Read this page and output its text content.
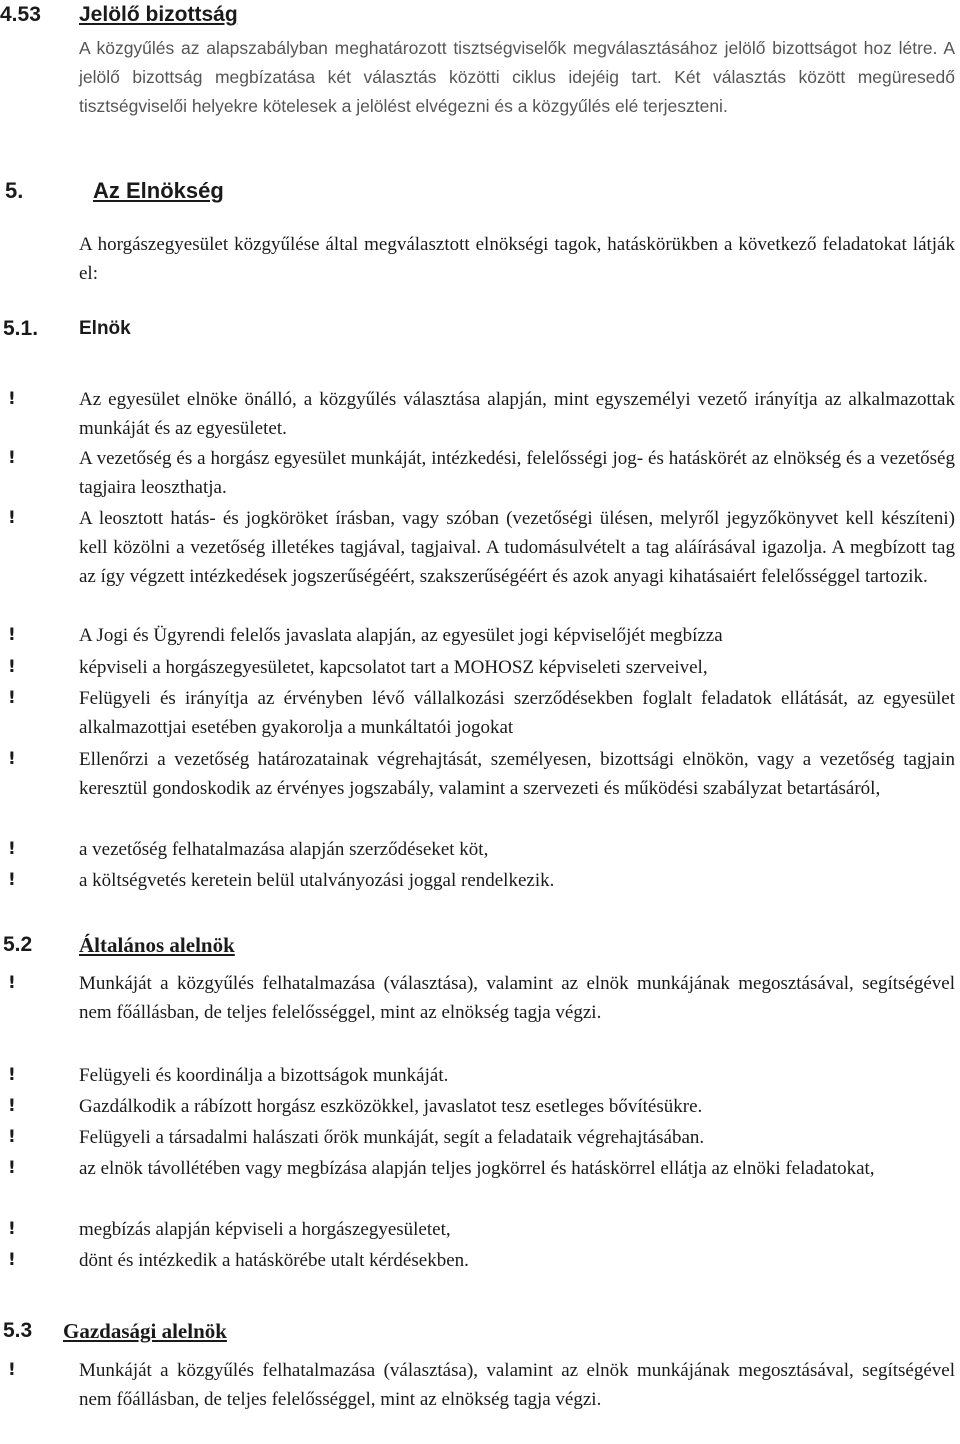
4.53 Jelölő bizottság

A közgyűlés az alapszabályban meghatározott tisztségviselők megválasztásához jelölő bizottságot hoz létre. A jelölő bizottság megbízatása két választás közötti ciklus idejéig tart. Két választás között megüresedő tisztségviselői helyekre kötelesek a jelölést elvégezni és a közgyűlés elé terjeszteni.

5.	Az Elnökség

A horgászegyesület közgyűlése által megválasztott elnökségi tagok, hatáskörükben a következő feladatokat látják el:

5.1. Elnök
!	Az egyesület elnöke önálló, a közgyűlés választása alapján, mint egyszemélyi vezető irányítja az alkalmazottak munkáját és az egyesületet.

!	A vezetőség és a horgász egyesület munkáját, intézkedési, felelősségi jog- és hatáskörét az elnökség és a vezetőség tagjaira leoszthatja.

!	A leosztott hatás- és jogköröket írásban, vagy szóban (vezetőségi ülésen, melyről jegyzőkönyvet kell készíteni) kell közölni a vezetőség illetékes tagjával, tagjaival. A tudomásulvételt a tag aláírásával igazolja. A megbízott tag az így végzett intézkedések jogszerűségéért, szakszerűségéért és azok anyagi kihatásaiért felelősséggel tartozik.

!	A Jogi és Ügyrendi felelős javaslata alapján, az egyesület jogi képviselőjét megbízza

!	képviseli a horgászegyesületet, kapcsolatot tart a MOHOSZ képviseleti szerveivel,

!	Felügyeli és irányítja az érvényben lévő vállalkozási szerződésekben foglalt feladatok ellátását, az egyesület alkalmazottjai esetében gyakorolja a munkáltatói jogokat

!	Ellenőrzi a vezetőség határozatainak végrehajtását, személyesen, bizottsági elnökön, vagy a vezetőség tagjain keresztül gondoskodik az érvényes jogszabály, valamint a szervezeti és működési szabályzat betartásáról,

!	a vezetőség felhatalmazása alapján szerződéseket köt,

!	a költségvetés keretein belül utalványozási joggal rendelkezik.

5.2 Általános alelnök
!	Munkáját a közgyűlés felhatalmazása (választása), valamint az elnök munkájának megosztásával, segítségével nem főállásban, de teljes felelősséggel, mint az elnökség tagja végzi.

!	Felügyeli és koordinálja a bizottságok munkáját.

!	Gazdálkodik a rábízott horgász eszközökkel, javaslatot tesz esetleges bővítésükre.

!	Felügyeli a társadalmi halászati őrök munkáját, segít a feladataik végrehajtásában.

!	az elnök távollétében vagy megbízása alapján teljes jogkörrel és hatáskörrel ellátja az elnöki feladatokat,

!	megbízás alapján képviseli a horgászegyesületet,

!	dönt és intézkedik a hatáskörébe utalt kérdésekben.

5.3 Gazdasági alelnök
!	Munkáját a közgyűlés felhatalmazása (választása), valamint az elnök munkájának megosztásával, segítségével nem főállásban, de teljes felelősséggel, mint az elnökség tagja végzi.
